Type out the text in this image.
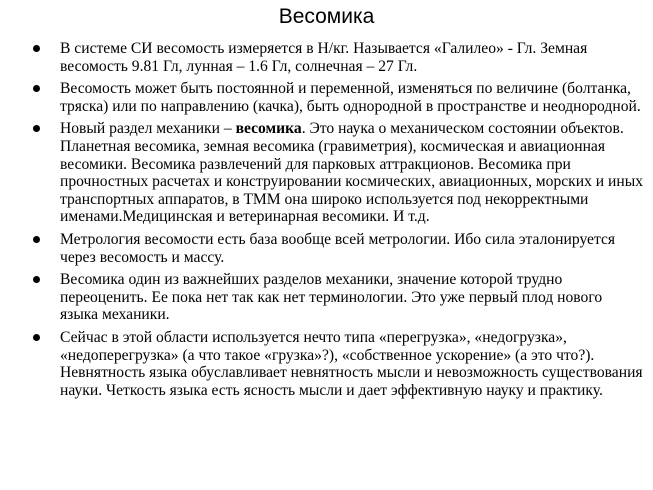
Весомика
В системе СИ весомость измеряется в Н/кг. Называется «Галилео» - Гл. Земная весомость 9.81 Гл, лунная – 1.6 Гл, солнечная – 27 Гл.
Весомость может быть постоянной и переменной, изменяться по величине (болтанка, тряска) или по направлению (качка), быть однородной в пространстве и неоднородной.
Новый раздел механики – весомика. Это наука о механическом состоянии объектов. Планетная весомика, земная весомика (гравиметрия), космическая и авиационная весомики. Весомика развлечений для парковых аттракционов. Весомика при прочностных расчетах и конструировании космических, авиационных, морских и иных транспортных аппаратов, в ТММ она широко используется под некорректными именами.Медицинская и ветеринарная весомики. И т.д.
Метрология весомости есть база вообще всей метрологии. Ибо сила эталонируется через весомость и массу.
Весомика один из важнейших разделов механики, значение которой трудно переоценить. Ее пока нет так как нет терминологии. Это уже первый плод нового языка механики.
Сейчас в этой области используется нечто типа «перегрузка», «недогрузка», «недоперегрузка» (а что такое «грузка»?), «собственное ускорение» (а это что?). Невнятность языка обуславливает невнятность мысли и невозможность существования науки. Четкость языка есть ясность мысли и дает эффективную науку и практику.
